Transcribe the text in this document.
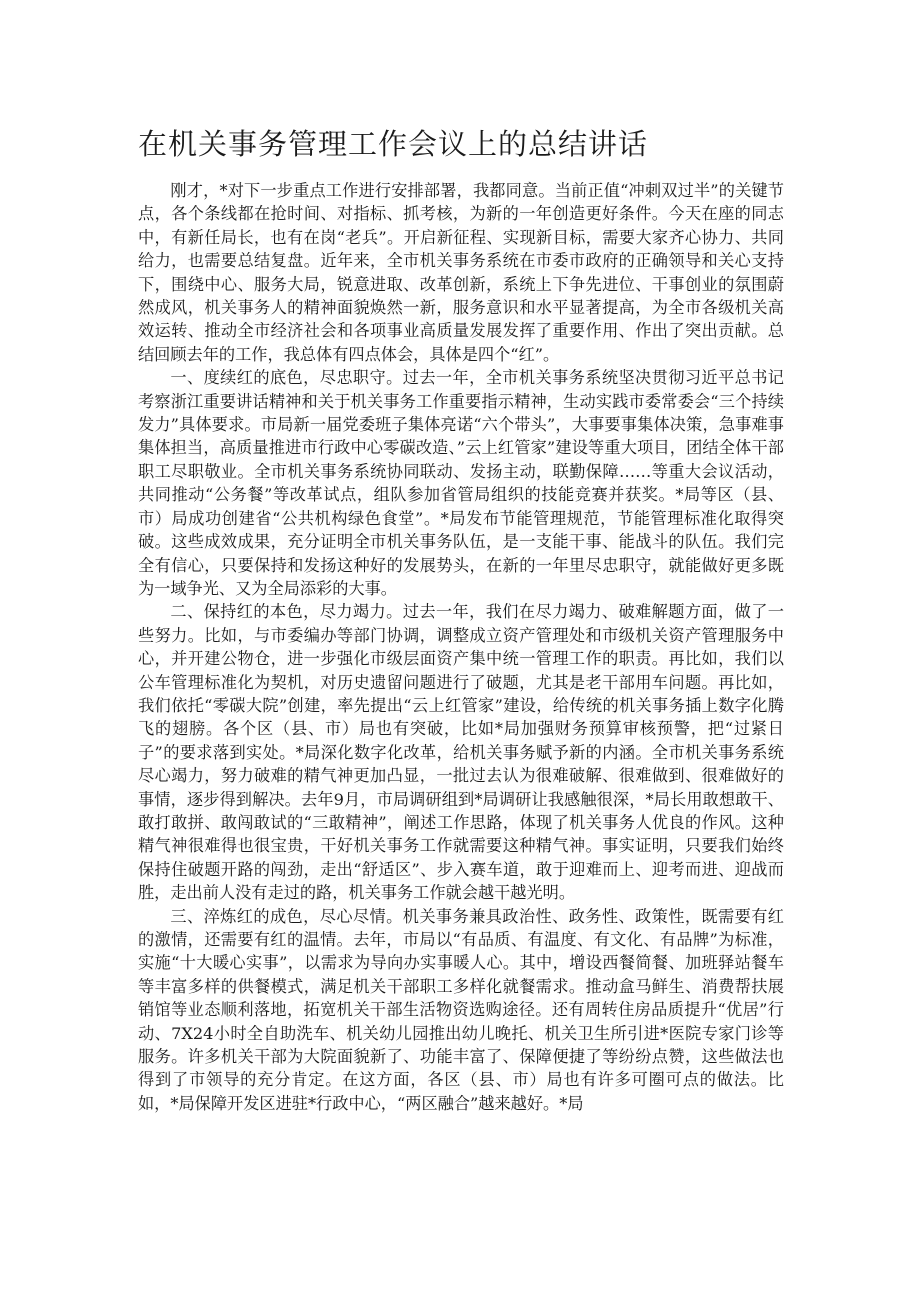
在机关事务管理工作会议上的总结讲话

刚才，*对下一步重点工作进行安排部署，我都同意。当前正值“冲刺双过半”的关键节点，各个条线都在抢时间、对指标、抓考核，为新的一年创造更好条件。今天在座的同志中，有新任局长，也有在岗“老兵”。开启新征程、实现新目标，需要大家齐心协力、共同给力，也需要总结复盘。近年来，全市机关事务系统在市委市政府的正确领导和关心支持下，围绕中心、服务大局，锐意进取、改革创新，系统上下争先进位、干事创业的氛围蔚然成风，机关事务人的精神面貌焕然一新，服务意识和水平显著提高，为全市各级机关高效运转、推动全市经济社会和各项事业高质量发展发挥了重要作用、作出了突出贡献。总结回顾去年的工作，我总体有四点体会，具体是四个“红”。

一、度续红的底色，尽忠职守。过去一年，全市机关事务系统坚决贯彻习近平总书记考察浙江重要讲话精神和关于机关事务工作重要指示精神，生动实践市委常委会“三个持续发力”具体要求。市局新一届党委班子集体亮诺“六个带头”，大事要事集体决策，急事难事集体担当，高质量推进市行政中心零碳改造、”云上红管家”建设等重大项目，团结全体干部职工尽职敬业。全市机关事务系统协同联动、发扬主动，联勤保障……等重大会议活动，共同推动“公务餐”等改革试点，组队参加省管局组织的技能竞赛并获奖。*局等区（县、市）局成功创建省“公共机构绿色食堂”。*局发布节能管理规范，节能管理标准化取得突破。这些成效成果，充分证明全市机关事务队伍，是一支能干事、能战斗的队伍。我们完全有信心，只要保持和发扬这种好的发展势头，在新的一年里尽忠职守，就能做好更多既为一域争光、又为全局添彩的大事。

二、保持红的本色，尽力竭力。过去一年，我们在尽力竭力、破难解题方面，做了一些努力。比如，与市委编办等部门协调，调整成立资产管理处和市级机关资产管理服务中心，并开建公物仓，进一步强化市级层面资产集中统一管理工作的职责。再比如，我们以公车管理标准化为契机，对历史遗留问题进行了破题，尤其是老干部用车问题。再比如，我们依托“零碳大院”创建，率先提出“云上红管家”建设，给传统的机关事务插上数字化腾飞的翅膀。各个区（县、市）局也有突破，比如*局加强财务预算审核预警，把“过紧日子”的要求落到实处。*局深化数字化改革，给机关事务赋予新的内涵。全市机关事务系统尽心竭力，努力破难的精气神更加凸显，一批过去认为很难破解、很难做到、很难做好的事情，逐步得到解决。去年9月，市局调研组到*局调研让我感触很深，*局长用敢想敢干、敢打敢拼、敢闯敢试的“三敢精神”，阐述工作思路，体现了机关事务人优良的作风。这种精气神很难得也很宝贵，干好机关事务工作就需要这种精气神。事实证明，只要我们始终保持住破题开路的闯劲，走出“舒适区”、步入赛车道，敢于迎难而上、迎考而进、迎战而胜，走出前人没有走过的路，机关事务工作就会越干越光明。

三、淬炼红的成色，尽心尽情。机关事务兼具政治性、政务性、政策性，既需要有红的激情，还需要有红的温情。去年，市局以“有品质、有温度、有文化、有品牌”为标准，实施“十大暖心实事”，以需求为导向办实事暖人心。其中，增设西餐简餐、加班驿站餐车等丰富多样的供餐模式，满足机关干部职工多样化就餐需求。推动盒马鲜生、消费帮扶展销馆等业态顺利落地，拓宽机关干部生活物资选购途径。还有周转住房品质提升“优居”行动、7X24小时全自助洗车、机关幼儿园推出幼儿晚托、机关卫生所引进*医院专家门诊等服务。许多机关干部为大院面貌新了、功能丰富了、保障便捷了等纷纷点赞，这些做法也得到了市领导的充分肯定。在这方面，各区（县、市）局也有许多可圈可点的做法。比如，*局保障开发区进驻*行政中心，“两区融合”越来越好。*局
